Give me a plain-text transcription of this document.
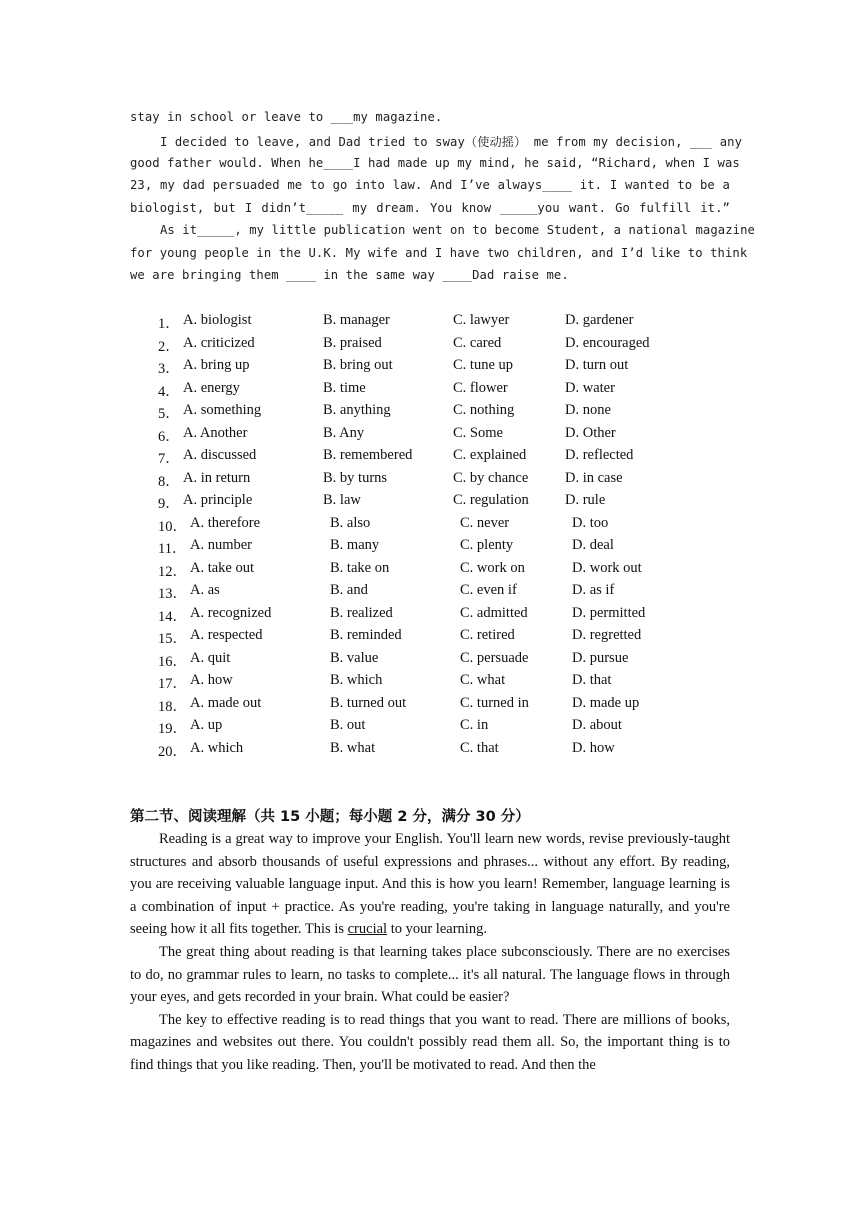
stay in school or leave to ___my magazine.
I decided to leave, and Dad tried to sway（使动摇） me from my decision, ___ any
good father would. When he____I had made up my mind, he said, “Richard, when I was
23, my dad persuaded me to go into law. And I’ve always____ it. I wanted to be a
biologist, but I didn’t_____ my dream. You know _____you want. Go fulfill it.”
As it_____, my little publication went on to become Student, a national magazine
for young people in the U.K. My wife and I have two children, and I’d like to think
we are bringing them ____ in the same way ____Dad raise me.
1． A. biologist	B. manager	C. lawyer	D. gardener
2． A. criticized	B. praised	C. cared	D. encouraged
3． A. bring up	B. bring out	C. tune up	D. turn out
4． A. energy	B. time	C. flower	D. water
5． A. something	B. anything	C. nothing	D. none
6． A. Another	B. Any	C. Some	D. Other
7． A. discussed	B. remembered	C. explained	D. reflected
8． A. in return	B. by turns	C. by chance	D. in case
9． A. principle	B. law	C. regulation	D. rule
10． A. therefore	B. also	C. never	D. too
11． A. number	B. many	C. plenty	D. deal
12． A. take out	B. take on	C. work on	D. work out
13． A. as	B. and	C. even if	D. as if
14． A. recognized	B. realized	C. admitted	D. permitted
15． A. respected	B. reminded	C. retired	D. regretted
16． A. quit	B. value	C. persuade	D. pursue
17． A. how	B. which	C. what	D. that
18． A. made out	B. turned out	C. turned in	D. made up
19． A. up	B. out	C. in	D. about
20． A. which	B. what	C. that	D. how
第二节、阅读理解（共 15 小题；每小题 2 分，满分 30 分）

Reading is a great way to improve your English. You'll learn new words, revise previously-taught structures and absorb thousands of useful expressions and phrases... without any effort. By reading, you are receiving valuable language input. And this is how you learn! Remember, language learning is a combination of input + practice. As you're reading, you're taking in language naturally, and you're seeing how it all fits together. This is crucial to your learning.

The great thing about reading is that learning takes place subconsciously. There are no exercises to do, no grammar rules to learn, no tasks to complete... it's all natural. The language flows in through your eyes, and gets recorded in your brain. What could be easier?

The key to effective reading is to read things that you want to read. There are millions of books, magazines and websites out there. You couldn't possibly read them all. So, the important thing is to find things that you like reading. Then, you'll be motivated to read. And then the
